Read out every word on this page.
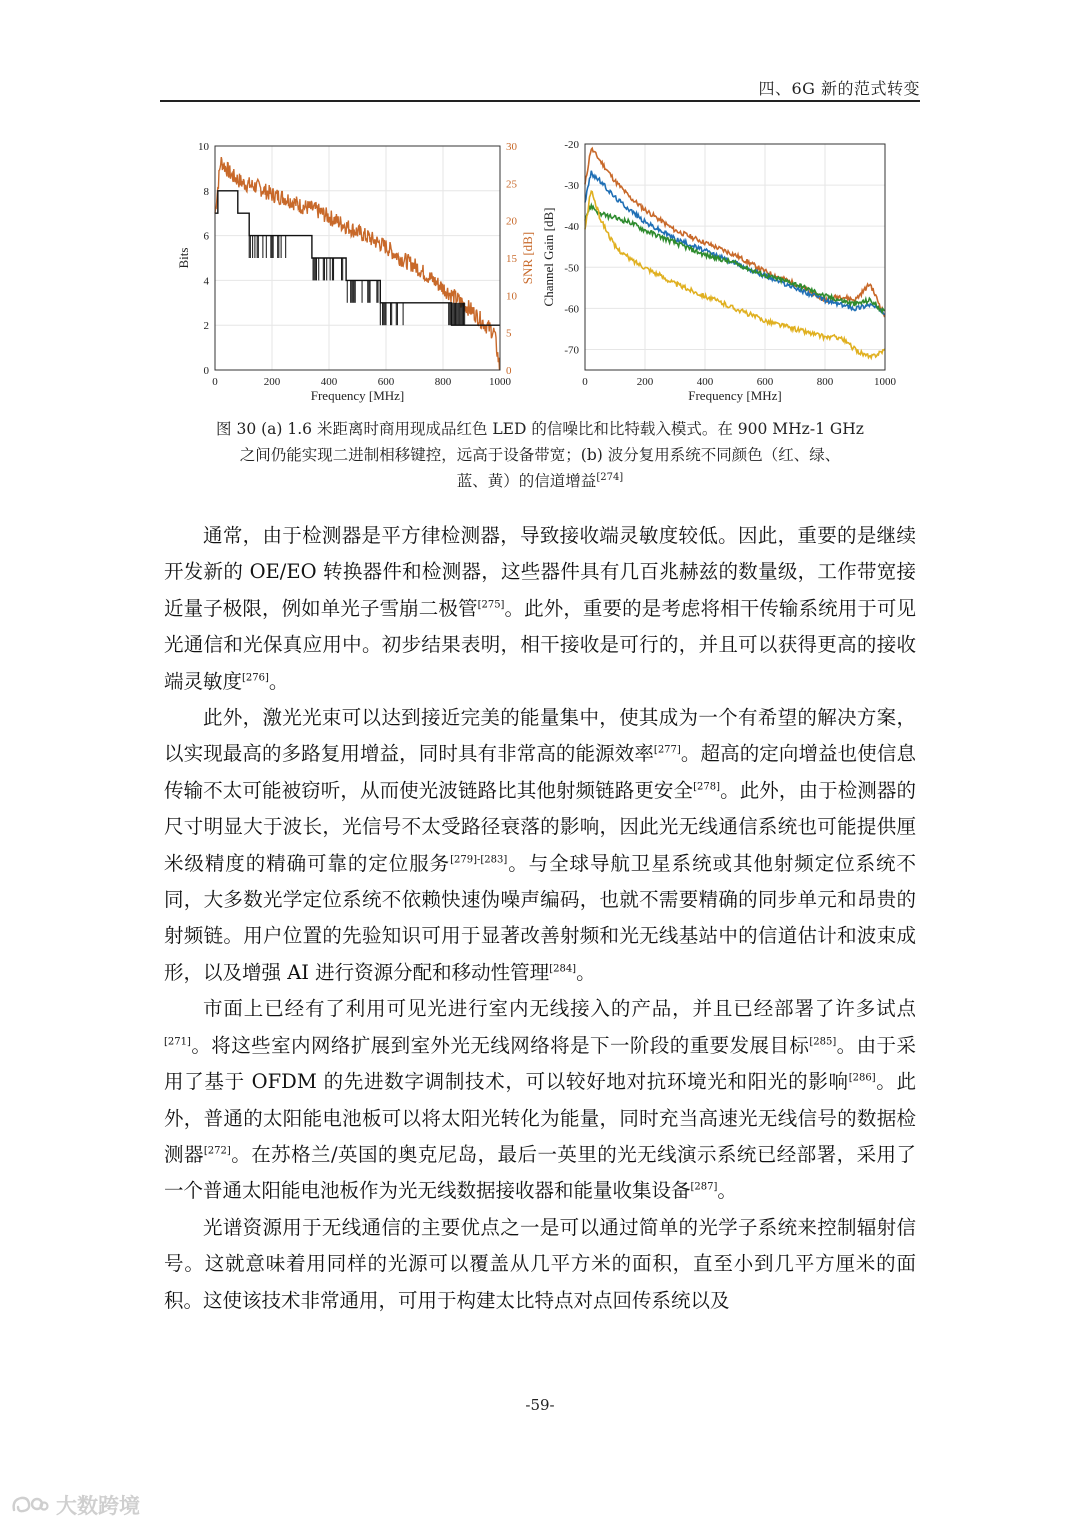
四、6G 新的范式转变
0	200	400	600	800	1000
0
2
4
6
8
10
0
5
10
15
20
25
30
Frequency [MHz]
Bits	SNR [dB]
0	200	400	600	800	1000
-70
-60
-50
-40
-30
-20
Frequency [MHz]
Channel Gain [dB]
图 30 (a) 1.6 米距离时商用现成品红色 LED 的信噪比和比特载入模式。在 900 MHz-1 GHz
之间仍能实现二进制相移键控，远高于设备带宽；(b) 波分复用系统不同颜色（红、绿、
蓝、黄）的信道增益[274]

通常，由于检测器是平方律检测器，导致接收端灵敏度较低。因此，重要的是继续开发新的 OE/EO 转换器件和检测器，这些器件具有几百兆赫兹的数量级，工作带宽接近量子极限，例如单光子雪崩二极管[275]。此外，重要的是考虑将相干传输系统用于可见光通信和光保真应用中。初步结果表明，相干接收是可行的，并且可以获得更高的接收端灵敏度[276]。

此外，激光光束可以达到接近完美的能量集中，使其成为一个有希望的解决方案，以实现最高的多路复用增益，同时具有非常高的能源效率[277]。超高的定向增益也使信息传输不太可能被窃听，从而使光波链路比其他射频链路更安全[278]。此外，由于检测器的尺寸明显大于波长，光信号不太受路径衰落的影响，因此光无线通信系统也可能提供厘米级精度的精确可靠的定位服务[279]-[283]。与全球导航卫星系统或其他射频定位系统不同，大多数光学定位系统不依赖快速伪噪声编码，也就不需要精确的同步单元和昂贵的射频链。用户位置的先验知识可用于显著改善射频和光无线基站中的信道估计和波束成形，以及增强 AI 进行资源分配和移动性管理[284]。

市面上已经有了利用可见光进行室内无线接入的产品，并且已经部署了许多试点[271]。将这些室内网络扩展到室外光无线网络将是下一阶段的重要发展目标[285]。由于采用了基于 OFDM 的先进数字调制技术，可以较好地对抗环境光和阳光的影响[286]。此外，普通的太阳能电池板可以将太阳光转化为能量，同时充当高速光无线信号的数据检测器[272]。在苏格兰/英国的奥克尼岛，最后一英里的光无线演示系统已经部署，采用了一个普通太阳能电池板作为光无线数据接收器和能量收集设备[287]。

光谱资源用于无线通信的主要优点之一是可以通过简单的光学子系统来控制辐射信号。这就意味着用同样的光源可以覆盖从几平方米的面积，直至小到几平方厘米的面积。这使该技术非常通用，可用于构建太比特点对点回传系统以及

-59-
大数跨境
